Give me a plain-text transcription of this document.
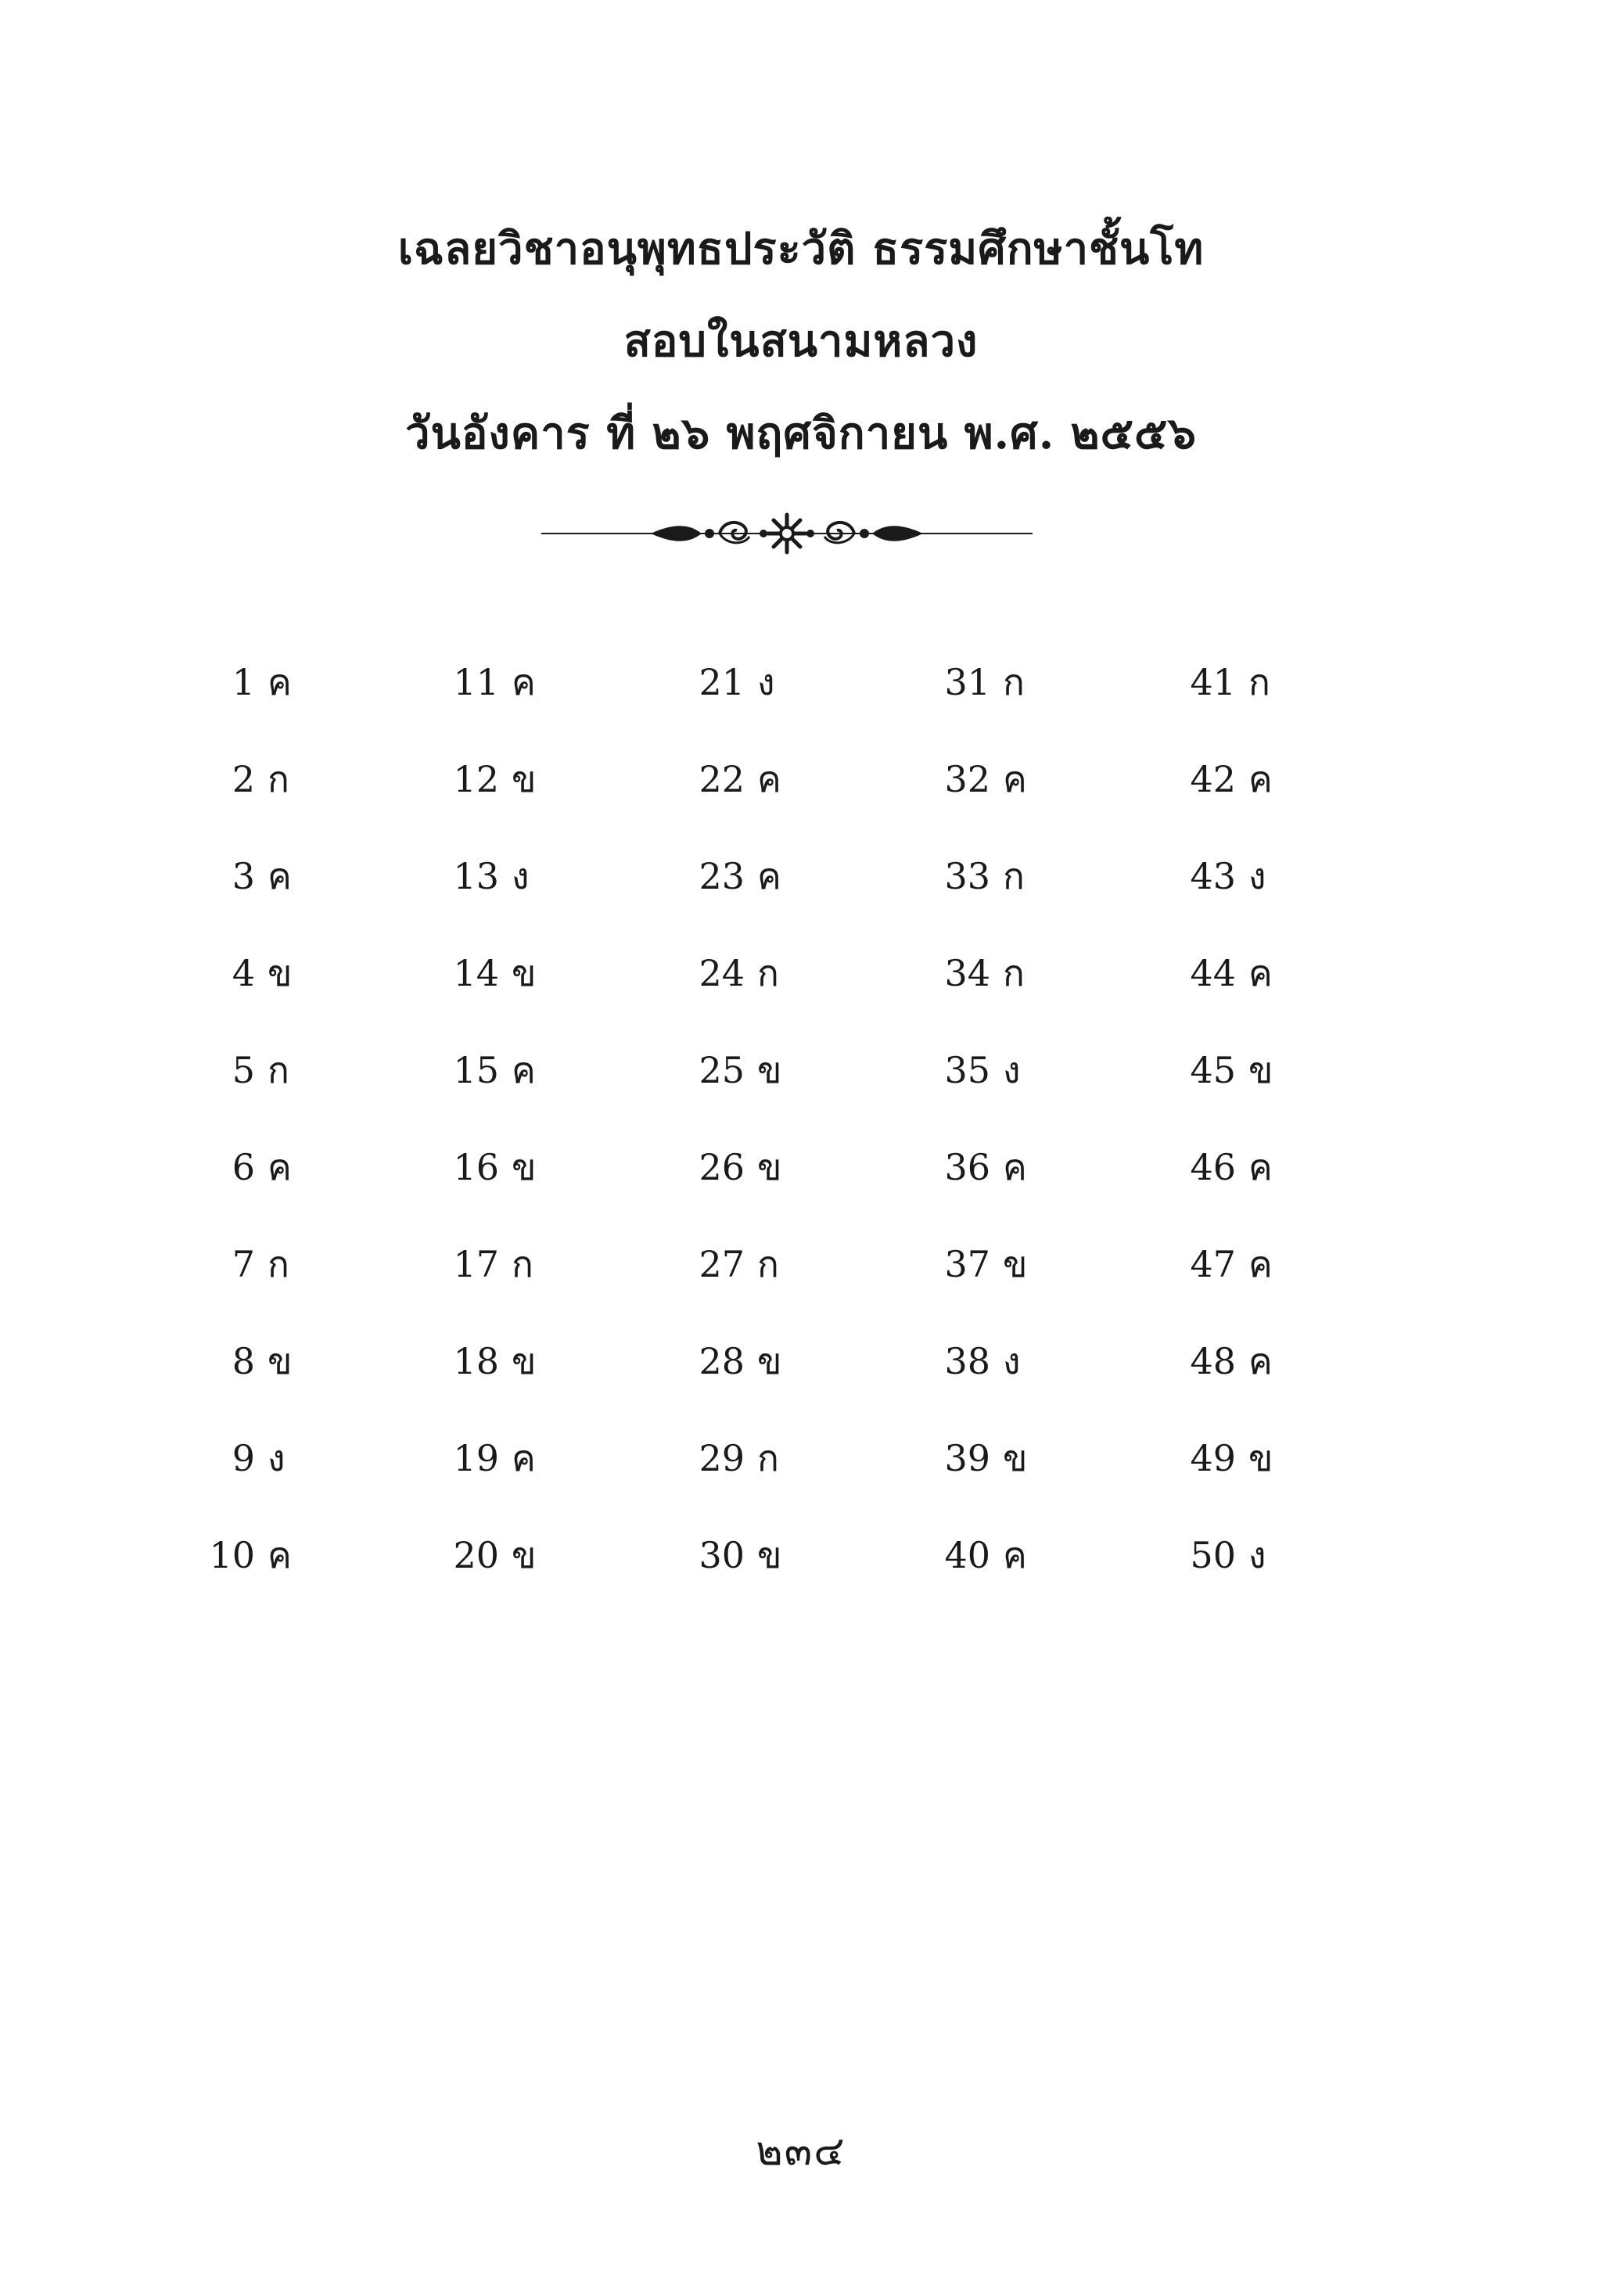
เฉลยวิชาอนุพุทธประวัติ ธรรมศึกษาชั้นโท
สอบในสนามหลวง
วันอังคาร ที่ ๒๖ พฤศจิกายน พ.ศ. ๒๕๕๖
1 ค
2 ก
3 ค
4 ข
5 ก
6 ค
7 ก
8 ข
9 ง
10 ค
11 ค
12 ข
13 ง
14 ข
15 ค
16 ข
17 ก
18 ข
19 ค
20 ข
21 ง
22 ค
23 ค
24 ก
25 ข
26 ข
27 ก
28 ข
29 ก
30 ข
31 ก
32 ค
33 ก
34 ก
35 ง
36 ค
37 ข
38 ง
39 ข
40 ค
41 ก
42 ค
43 ง
44 ค
45 ข
46 ค
47 ค
48 ค
49 ข
50 ง
๒๓๔
